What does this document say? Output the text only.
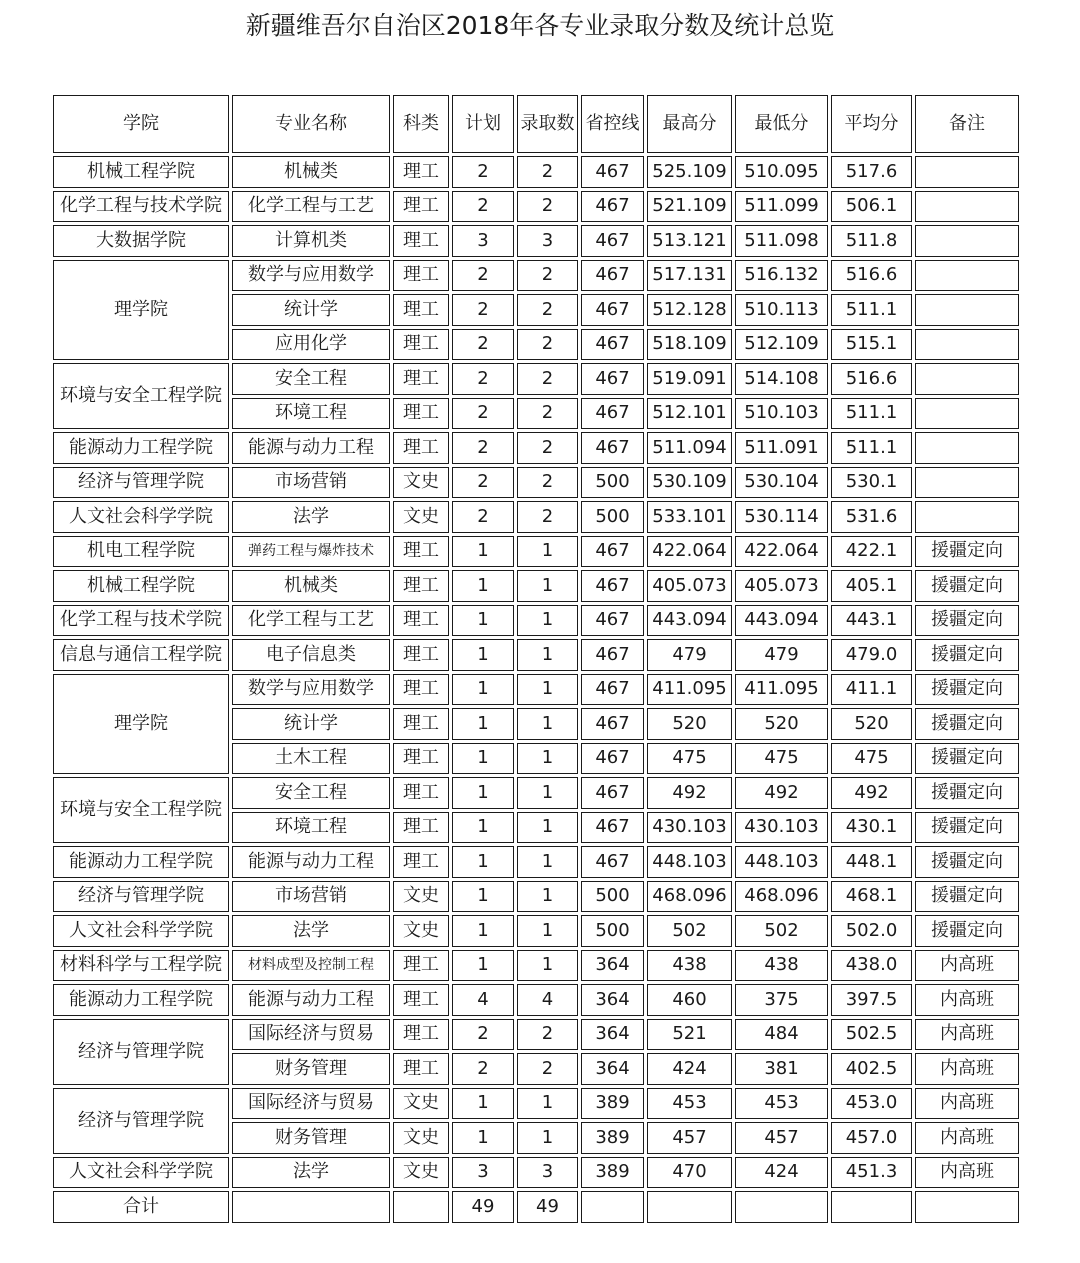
新疆维吾尔自治区2018年各专业录取分数及统计总览
学院	专业名称	科类	计划	录取数	省控线	最高分	最低分	平均分	备注
机械工程学院	机械类	理工	2	2	467	525.109	510.095	517.6	
化学工程与技术学院	化学工程与工艺	理工	2	2	467	521.109	511.099	506.1	
大数据学院	计算机类	理工	3	3	467	513.121	511.098	511.8	
理学院	数学与应用数学	理工	2	2	467	517.131	516.132	516.6	
	统计学	理工	2	2	467	512.128	510.113	511.1	
	应用化学	理工	2	2	467	518.109	512.109	515.1	
环境与安全工程学院	安全工程	理工	2	2	467	519.091	514.108	516.6	
	环境工程	理工	2	2	467	512.101	510.103	511.1	
能源动力工程学院	能源与动力工程	理工	2	2	467	511.094	511.091	511.1	
经济与管理学院	市场营销	文史	2	2	500	530.109	530.104	530.1	
人文社会科学学院	法学	文史	2	2	500	533.101	530.114	531.6	
机电工程学院	弹药工程与爆炸技术	理工	1	1	467	422.064	422.064	422.1	援疆定向
机械工程学院	机械类	理工	1	1	467	405.073	405.073	405.1	援疆定向
化学工程与技术学院	化学工程与工艺	理工	1	1	467	443.094	443.094	443.1	援疆定向
信息与通信工程学院	电子信息类	理工	1	1	467	479	479	479.0	援疆定向
理学院	数学与应用数学	理工	1	1	467	411.095	411.095	411.1	援疆定向
	统计学	理工	1	1	467	520	520	520	援疆定向
	土木工程	理工	1	1	467	475	475	475	援疆定向
环境与安全工程学院	安全工程	理工	1	1	467	492	492	492	援疆定向
	环境工程	理工	1	1	467	430.103	430.103	430.1	援疆定向
能源动力工程学院	能源与动力工程	理工	1	1	467	448.103	448.103	448.1	援疆定向
经济与管理学院	市场营销	文史	1	1	500	468.096	468.096	468.1	援疆定向
人文社会科学学院	法学	文史	1	1	500	502	502	502.0	援疆定向
材料科学与工程学院	材料成型及控制工程	理工	1	1	364	438	438	438.0	内高班
能源动力工程学院	能源与动力工程	理工	4	4	364	460	375	397.5	内高班
经济与管理学院	国际经济与贸易	理工	2	2	364	521	484	502.5	内高班
	财务管理	理工	2	2	364	424	381	402.5	内高班
经济与管理学院	国际经济与贸易	文史	1	1	389	453	453	453.0	内高班
	财务管理	文史	1	1	389	457	457	457.0	内高班
人文社会科学学院	法学	文史	3	3	389	470	424	451.3	内高班
合计			49	49					
